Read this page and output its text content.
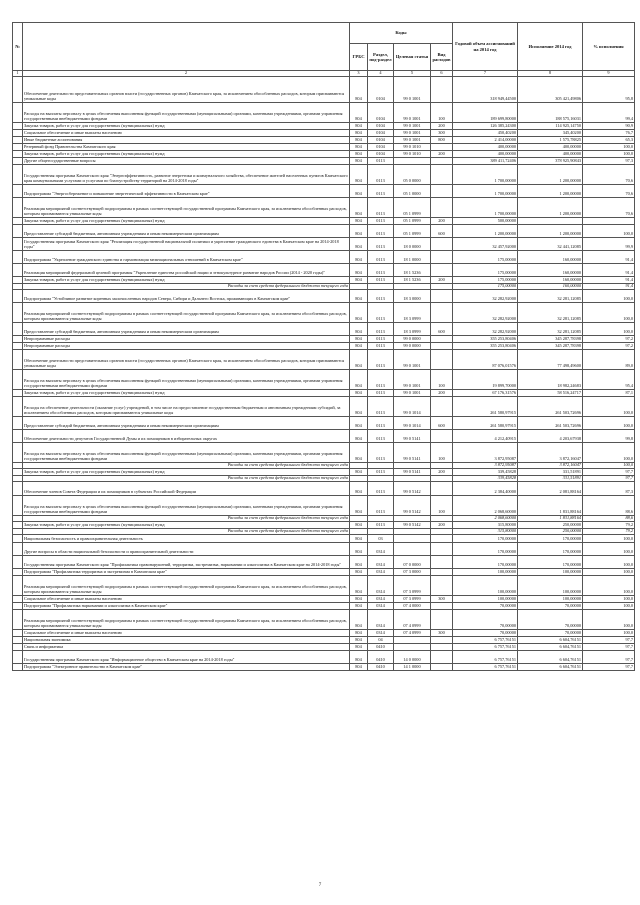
№		Коды				Годовой объем ассигнований на 2014 год	Исполнение 2014 год	% исполнения
		ГРБС	Раздел, под-раздел	Целевая статья	Вид расходов			
1	2	3	4	5	6	7	8	9
	Обеспечение деятельности представительных органов власти (государственных органов) Камчатского края, за исключением обособленных расходов, которым присваиваются уникальные коды	804	0104	99 0 1001		318 949,44500	305 421,49806	95,8
	Расходы на выплаты персоналу в целях обеспечения выполнения функций государственными (муниципальными) органами, казенными учреждениями, органами управления государственными внебюджетными фондами	804	0104	99 0 1001	100	189 699,80000	188 575,16031	99,4
	Закупка товаров, работ и услуг для государственных (муниципальных) нужд	804	0104	99 0 1001	200	126 385,24300	114 925,14750	90,9
	Социальное обеспечение и иные выплаты населению	804	0104	99 0 1001	300	450,40200	345,40200	76,7
	Иные бюджетные ассигнования	804	0104	99 0 1001	800	2 414,00000	1 575,78825	65,3
	Резервный фонд Правительства Камчатского края	804	0104	99 0 1010		400,00000	400,00000	100,0
	Закупка товаров, работ и услуг для государственных (муниципальных) нужд	804	0104	99 0 1010	200	400,00000	400,00000	100,0
	Другие общегосударственные вопросы	804	0113			389 411,72406	378 925,90843	97,3
	Государственная программа Камчатского края "Энергоэффективность, развитие энергетики и коммунального хозяйства, обеспечение жителей населенных пунктов Камчатского края коммунальными услугами и услугами по благоустройству территорий на 2014-2018 годы"	804	0113	05 0 0000		1 700,00000	1 200,00000	70,6
	Подпрограмма "Энергосбережение и повышение энергетической эффективности в Камчатском крае"	804	0113	05 1 0000		1 700,00000	1 200,00000	70,6
	Реализация мероприятий соответствующей подпрограммы в рамках соответствующей государственной программы Камчатского края, за исключением обособленных расходов, которым присваиваются уникальные коды	804	0113	05 1 0999		1 700,00000	1 200,00000	70,6
	Закупка товаров, работ и услуг для государственных (муниципальных) нужд	804	0113	05 1 0999	200	500,00000		
	Предоставление субсидий бюджетным, автономным учреждениям и иным некоммерческим организациям	804	0113	05 1 0999	600	1 200,00000	1 200,00000	100,0
	Государственная программа Камчатского края "Реализация государственной национальной политики и укрепление гражданского единства в Камчатском крае на 2014-2018 годы"	804	0113	18 0 0000		32 457,92000	32 441,12085	99,9
	Подпрограмма "Укрепление гражданского единства и гармонизация межнациональных отношений в Камчатском крае"	804	0113	18 1 0000		175,00000	160,00000	91,4
	Реализация мероприятий федеральной целевой программы "Укрепление единства российской нации и этнокультурное развитие народов России (2014 - 2020 годы)"	804	0113	18 1 5236		175,00000	160,00000	91,4
	Закупка товаров, работ и услуг для государственных (муниципальных) нужд	804	0113	18 1 5236	200	175,00000	160,00000	91,4
	Расходы за счет средств федерального бюджета текущего года					175,00000	160,00000	91,4
	Подпрограмма "Устойчивое развитие коренных малочисленных народов Севера, Сибири и Дальнего Востока, проживающих в Камчатском крае"	804	0113	18 3 0000		32 282,92000	32 281,12085	100,0
	Реализация мероприятий соответствующей подпрограммы в рамках соответствующей государственной программы Камчатского края, за исключением обособленных расходов, которым присваиваются уникальные коды	804	0113	18 3 0999		32 282,92000	32 281,12085	100,0
	Предоставление субсидий бюджетным, автономным учреждениям и иным некоммерческим организациям	804	0113	18 3 0999	600	32 282,92000	32 281,12085	100,0
	Непрограммные расходы	804	0113	99 0 0000		355 253,80406	345 287,78398	97,2
	Непрограммные расходы	804	0113	99 0 0000		355 253,80406	345 287,78398	97,2
	Обеспечение деятельности представительных органов власти (государственных органов) Камчатского края, за исключением обособленных расходов, которым присваиваются уникальные коды	804	0113	99 0 1001		87 076,01576	77 498,49600	89,0
	Расходы на выплаты персоналу в целях обеспечения выполнения функций государственными (муниципальными) органами, казенными учреждениями, органами управления государственными внебюджетными фондами	804	0113	99 0 1001	100	19 899,70000	18 982,24683	95,4
	Закупка товаров, работ и услуг для государственных (муниципальных) нужд	804	0113	99 0 1001	200	67 176,31576	58 516,24717	87,1
	Расходы на обеспечение деятельности (оказание услуг) учреждений, в том числе на предоставление государственным бюджетным и автономным учреждениям субсидий, за исключением обособленных расходов, которым присваиваются уникальные коды	804	0113	99 0 1014		261 580,97915	261 503,72696	100,0
	Предоставление субсидий бюджетным, автономным учреждениям и иным некоммерческим организациям	804	0113	99 0 1014	600	261 580,97915	261 503,72696	100,0
	Обеспечение деятельности депутатов Государственной Думы и их помощников в избирательных округах	804	0113	99 0 5141		4 212,40915	4 203,67938	99,8
	Расходы на выплаты персоналу в целях обеспечения выполнения функций государственными (муниципальными) органами, казенными учреждениями, органами управления государственными внебюджетными фондами	804	0113	99 0 5141	100	3 872,95087	3 872,16047	100,0
	Расходы за счет средств федерального бюджета текущего года					3 872,95087	3 872,16047	100,0
	Закупка товаров, работ и услуг для государственных (муниципальных) нужд	804	0113	99 0 5141	200	339,45828	331,51891	97,7
	Расходы за счет средств федерального бюджета текущего года					339,45828	331,51891	97,7
	Обеспечение членов Совета Федерации и их помощников в субъектах Российской Федерации	804	0113	99 0 5142		2 384,40000	2 081,88164	87,3
	Расходы на выплаты персоналу в целях обеспечения выполнения функций государственными (муниципальными) органами, казенными учреждениями, органами управления государственными внебюджетными фондами	804	0113	99 0 5142	100	2 068,60000	1 831,88164	88,6
	Расходы за счет средств федерального бюджета текущего года					2 068,60000	1 831,88164	88,6
	Закупка товаров, работ и услуг для государственных (муниципальных) нужд	804	0113	99 0 5142	200	315,80000	250,00000	79,2
	Расходы за счет средств федерального бюджета текущего года					315,80000	250,00000	79,2
	Национальная безопасность и правоохранительная деятельность	804	03			170,00000	170,00000	100,0
	Другие вопросы в области национальной безопасности и правоохранительной деятельности	804	0314			170,00000	170,00000	100,0
	Государственная программа Камчатского края "Профилактика правонарушений, терроризма, экстремизма, наркомании и алкоголизма в Камчатском крае на 2014-2018 годы"	804	0314	07 0 0000		170,00000	170,00000	100,0
	Подпрограмма "Профилактика терроризма и экстремизма в Камчатском крае"	804	0314	07 3 0000		100,00000	100,00000	100,0
	Реализация мероприятий соответствующей подпрограммы в рамках соответствующей государственной программы Камчатского края, за исключением обособленных расходов, которым присваиваются уникальные коды	804	0314	07 3 0999		100,00000	100,00000	100,0
	Социальное обеспечение и иные выплаты населению	804	0314	07 3 0999	300	100,00000	100,00000	100,0
	Подпрограмма "Профилактика наркомании и алкоголизма в Камчатском крае"	804	0314	07 4 0000		70,00000	70,00000	100,0
	Реализация мероприятий соответствующей подпрограммы в рамках соответствующей государственной программы Камчатского края, за исключением обособленных расходов, которым присваиваются уникальные коды	804	0314	07 4 0999		70,00000	70,00000	100,0
	Социальное обеспечение и иные выплаты населению	804	0314	07 4 0999	300	70,00000	70,00000	100,0
	Национальная экономика	804	04			6 757,76151	6 604,76151	97,7
	Связь и информатика	804	0410			6 757,76151	6 604,76151	97,7
	Государственная программа Камчатского края "Информационное общество в Камчатском крае на 2014-2018 годы"	804	0410	14 0 0000		6 757,76151	6 604,76151	97,7
	Подпрограмма "Электронное правительство в Камчатском крае"	804	0410	14 1 0000		6 757,76151	6 604,76151	97,7
7
